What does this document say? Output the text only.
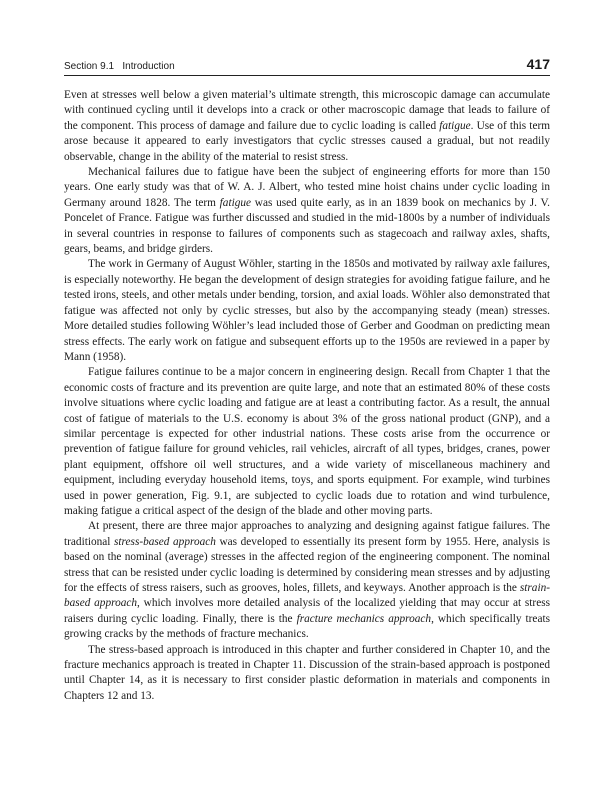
Section 9.1 Introduction	417

Even at stresses well below a given material’s ultimate strength, this microscopic damage can accumulate with continued cycling until it develops into a crack or other macroscopic damage that leads to failure of the component. This process of damage and failure due to cyclic loading is called fatigue. Use of this term arose because it appeared to early investigators that cyclic stresses caused a gradual, but not readily observable, change in the ability of the material to resist stress.

Mechanical failures due to fatigue have been the subject of engineering efforts for more than 150 years. One early study was that of W. A. J. Albert, who tested mine hoist chains under cyclic loading in Germany around 1828. The term fatigue was used quite early, as in an 1839 book on mechanics by J. V. Poncelet of France. Fatigue was further discussed and studied in the mid-1800s by a number of individuals in several countries in response to failures of components such as stagecoach and railway axles, shafts, gears, beams, and bridge girders.

The work in Germany of August Wöhler, starting in the 1850s and motivated by railway axle failures, is especially noteworthy. He began the development of design strategies for avoiding fatigue failure, and he tested irons, steels, and other metals under bending, torsion, and axial loads. Wöhler also demonstrated that fatigue was affected not only by cyclic stresses, but also by the accompanying steady (mean) stresses. More detailed studies following Wöhler’s lead included those of Gerber and Goodman on predicting mean stress effects. The early work on fatigue and subsequent efforts up to the 1950s are reviewed in a paper by Mann (1958).

Fatigue failures continue to be a major concern in engineering design. Recall from Chapter 1 that the economic costs of fracture and its prevention are quite large, and note that an estimated 80% of these costs involve situations where cyclic loading and fatigue are at least a contributing factor. As a result, the annual cost of fatigue of materials to the U.S. economy is about 3% of the gross national product (GNP), and a similar percentage is expected for other industrial nations. These costs arise from the occurrence or prevention of fatigue failure for ground vehicles, rail vehicles, aircraft of all types, bridges, cranes, power plant equipment, offshore oil well structures, and a wide variety of miscellaneous machinery and equipment, including everyday household items, toys, and sports equipment. For example, wind turbines used in power generation, Fig. 9.1, are subjected to cyclic loads due to rotation and wind turbulence, making fatigue a critical aspect of the design of the blade and other moving parts.

At present, there are three major approaches to analyzing and designing against fatigue failures. The traditional stress-based approach was developed to essentially its present form by 1955. Here, analysis is based on the nominal (average) stresses in the affected region of the engineering component. The nominal stress that can be resisted under cyclic loading is determined by considering mean stresses and by adjusting for the effects of stress raisers, such as grooves, holes, fillets, and keyways. Another approach is the strain-based approach, which involves more detailed analysis of the localized yielding that may occur at stress raisers during cyclic loading. Finally, there is the fracture mechanics approach, which specifically treats growing cracks by the methods of fracture mechanics.

The stress-based approach is introduced in this chapter and further considered in Chapter 10, and the fracture mechanics approach is treated in Chapter 11. Discussion of the strain-based approach is postponed until Chapter 14, as it is necessary to first consider plastic deformation in materials and components in Chapters 12 and 13.
